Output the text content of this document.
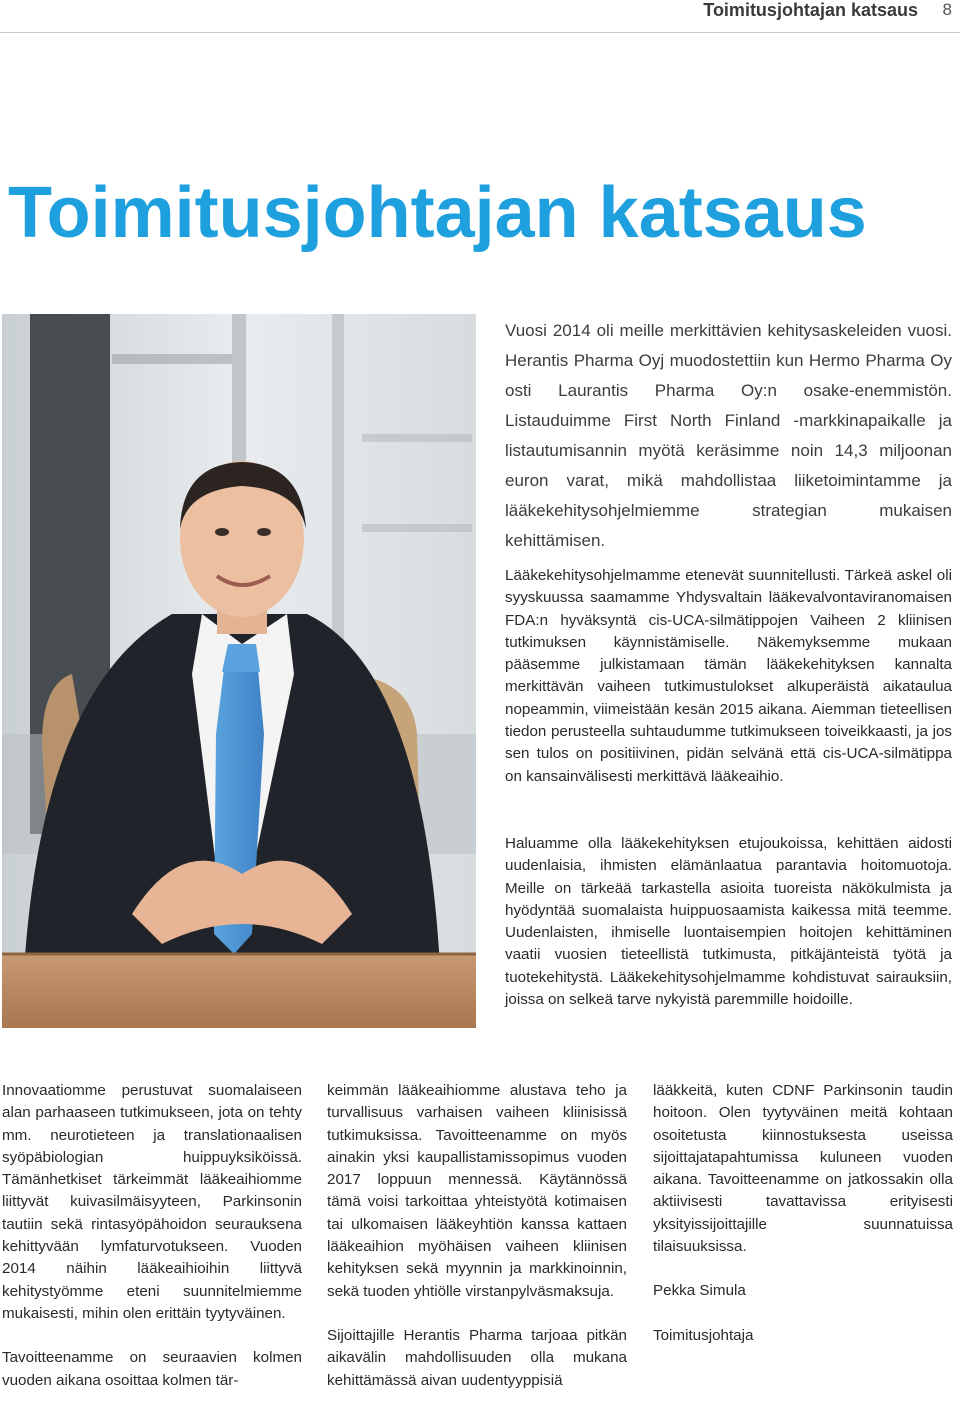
Toimitusjohtajan katsaus 8
Toimitusjohtajan katsaus

Vuosi 2014 oli meille merkittävien kehitysaskeleiden vuosi. Herantis Pharma Oyj muodostettiin kun Hermo Pharma Oy osti Laurantis Pharma Oy:n osake-enemmistön. Listauduimme First North Finland -markkinapaikalle ja listautumisannin myötä keräsimme noin 14,3 miljoonan euron varat, mikä mahdollistaa liiketoimintamme ja lääkekehitysohjelmiemme strategian mukaisen kehittämisen.

Lääkekehitysohjelmamme etenevät suunnitellusti. Tärkeä askel oli syyskuussa saamamme Yhdysvaltain lääkevalvontaviranomaisen FDA:n hyväksyntä cis-UCA-silmätippojen Vaiheen 2 kliinisen tutkimuksen käynnistämiselle. Näkemyksemme mukaan pääsemme julkistamaan tämän lääkekehityksen kannalta merkittävän vaiheen tutkimustulokset alkuperäistä aikataulua nopeammin, viimeistään kesän 2015 aikana. Aiemman tieteellisen tiedon perusteella suhtaudumme tutkimukseen toiveikkaasti, ja jos sen tulos on positiivinen, pidän selvänä että cis-UCA-silmätippa on kansainvälisesti merkittävä lääkeaihio.

Haluamme olla lääkekehityksen etujoukoissa, kehittäen aidosti uudenlaisia, ihmisten elämänlaatua parantavia hoitomuotoja. Meille on tärkeää tarkastella asioita tuoreista näkökulmista ja hyödyntää suomalaista huippuosaamista kaikessa mitä teemme. Uudenlaisten, ihmiselle luontaisempien hoitojen kehittäminen vaatii vuosien tieteellistä tutkimusta, pitkäjänteistä työtä ja tuotekehitystä. Lääkekehitysohjelmamme kohdistuvat sairauksiin, joissa on selkeä tarve nykyistä paremmille hoidoille.

Innovaatiomme perustuvat suomalaiseen alan parhaaseen tutkimukseen, jota on tehty mm. neurotieteen ja translationaalisen syöpäbiologian huippuyksiköissä. Tämänhetkiset tärkeimmät lääkeaihiomme liittyvät kuivasilmäisyyteen, Parkinsonin tautiin sekä rintasyöpähoidon seurauksena kehittyvään lymfaturvotukseen. Vuoden 2014 näihin lääkeaihioihin liittyvä kehitystyömme eteni suunnitelmiemme mukaisesti, mihin olen erittäin tyytyväinen.

Tavoitteenamme on seuraavien kolmen vuoden aikana osoittaa kolmen tär-

keimmän lääkeaihiomme alustava teho ja turvallisuus varhaisen vaiheen kliinisissä tutkimuksissa. Tavoitteenamme on myös ainakin yksi kaupallistamissopimus vuoden 2017 loppuun mennessä. Käytännössä tämä voisi tarkoittaa yhteistyötä kotimaisen tai ulkomaisen lääkeyhtiön kanssa kattaen lääkeaihion myöhäisen vaiheen kliinisen kehityksen sekä myynnin ja markkinoinnin, sekä tuoden yhtiölle virstanpylväsmaksuja.

Sijoittajille Herantis Pharma tarjoaa pitkän aikavälin mahdollisuuden olla mukana kehittämässä aivan uudentyyppisiä

lääkkeitä, kuten CDNF Parkinsonin taudin hoitoon. Olen tyytyväinen meitä kohtaan osoitetusta kiinnostuksesta useissa sijoittajatapahtumissa kuluneen vuoden aikana. Tavoitteenamme on jatkossakin olla aktiivisesti tavattavissa erityisesti yksityissijoittajille suunnatuissa tilaisuuksissa.

Pekka Simula

Toimitusjohtaja
